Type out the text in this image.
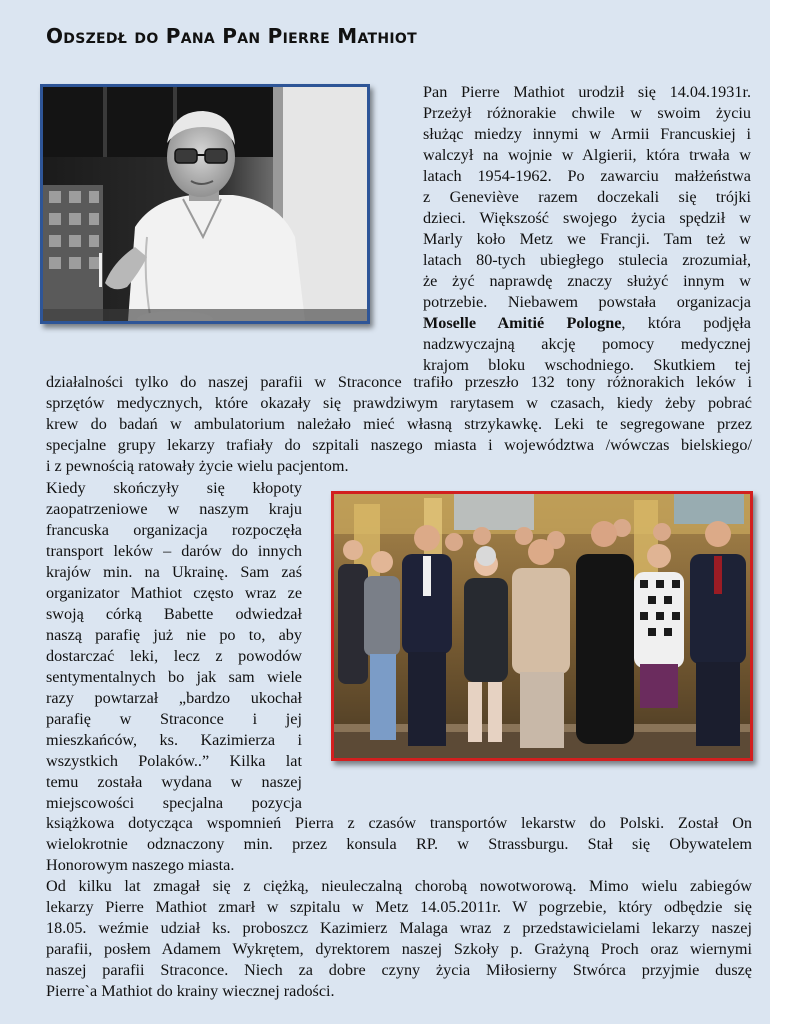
Odszedł do Pana Pan Pierre Mathiot
Pan Pierre Mathiot urodził się 14.04.1931r.
Przeżył różnorakie chwile w swoim życiu
służąc miedzy innymi w Armii Francuskiej i
walczył na wojnie w Algierii, która trwała w
latach 1954-1962. Po zawarciu małżeństwa
z Geneviève razem doczekali się trójki
dzieci. Większość swojego życia spędził w
Marly koło Metz we Francji. Tam też w
latach 80-tych ubiegłego stulecia zrozumiał,
że żyć naprawdę znaczy służyć innym w
potrzebie. Niebawem powstała organizacja
Moselle Amitié Pologne, która podjęła
nadzwyczajną akcję pomocy medycznej
krajom bloku wschodniego. Skutkiem tej
działalności tylko do naszej parafii w Straconce trafiło przeszło 132 tony różnorakich leków i
sprzętów medycznych, które okazały się prawdziwym rarytasem w czasach, kiedy żeby pobrać
krew do badań w ambulatorium należało mieć własną strzykawkę. Leki te segregowane przez
specjalne grupy lekarzy trafiały do szpitali naszego miasta i województwa /wówczas bielskiego/
i z pewnością ratowały życie wielu pacjentom.
Kiedy skończyły się kłopoty
zaopatrzeniowe w naszym kraju
francuska organizacja rozpoczęła
transport leków – darów do innych
krajów min. na Ukrainę. Sam zaś
organizator Mathiot często wraz ze
swoją córką Babette odwiedzał
naszą parafię już nie po to, aby
dostarczać leki, lecz z powodów
sentymentalnych bo jak sam wiele
razy powtarzał „bardzo ukochał
parafię w Straconce i jej
mieszkańców, ks. Kazimierza i
wszystkich Polaków..” Kilka lat
temu została wydana w naszej
miejscowości specjalna pozycja
książkowa dotycząca wspomnień Pierra z czasów transportów lekarstw do Polski. Został On
wielokrotnie odznaczony min. przez konsula RP. w Strassburgu. Stał się Obywatelem
Honorowym naszego miasta.
Od kilku lat zmagał się z ciężką, nieuleczalną chorobą nowotworową. Mimo wielu zabiegów
lekarzy Pierre Mathiot zmarł w szpitalu w Metz 14.05.2011r. W pogrzebie, który odbędzie się
18.05. weźmie udział ks. proboszcz Kazimierz Malaga wraz z przedstawicielami lekarzy naszej
parafii, posłem Adamem Wykrętem, dyrektorem naszej Szkoły p. Grażyną Proch oraz wiernymi
naszej parafii Straconce. Niech za dobre czyny życia Miłosierny Stwórca przyjmie duszę
Pierre`a Mathiot do krainy wiecznej radości.
